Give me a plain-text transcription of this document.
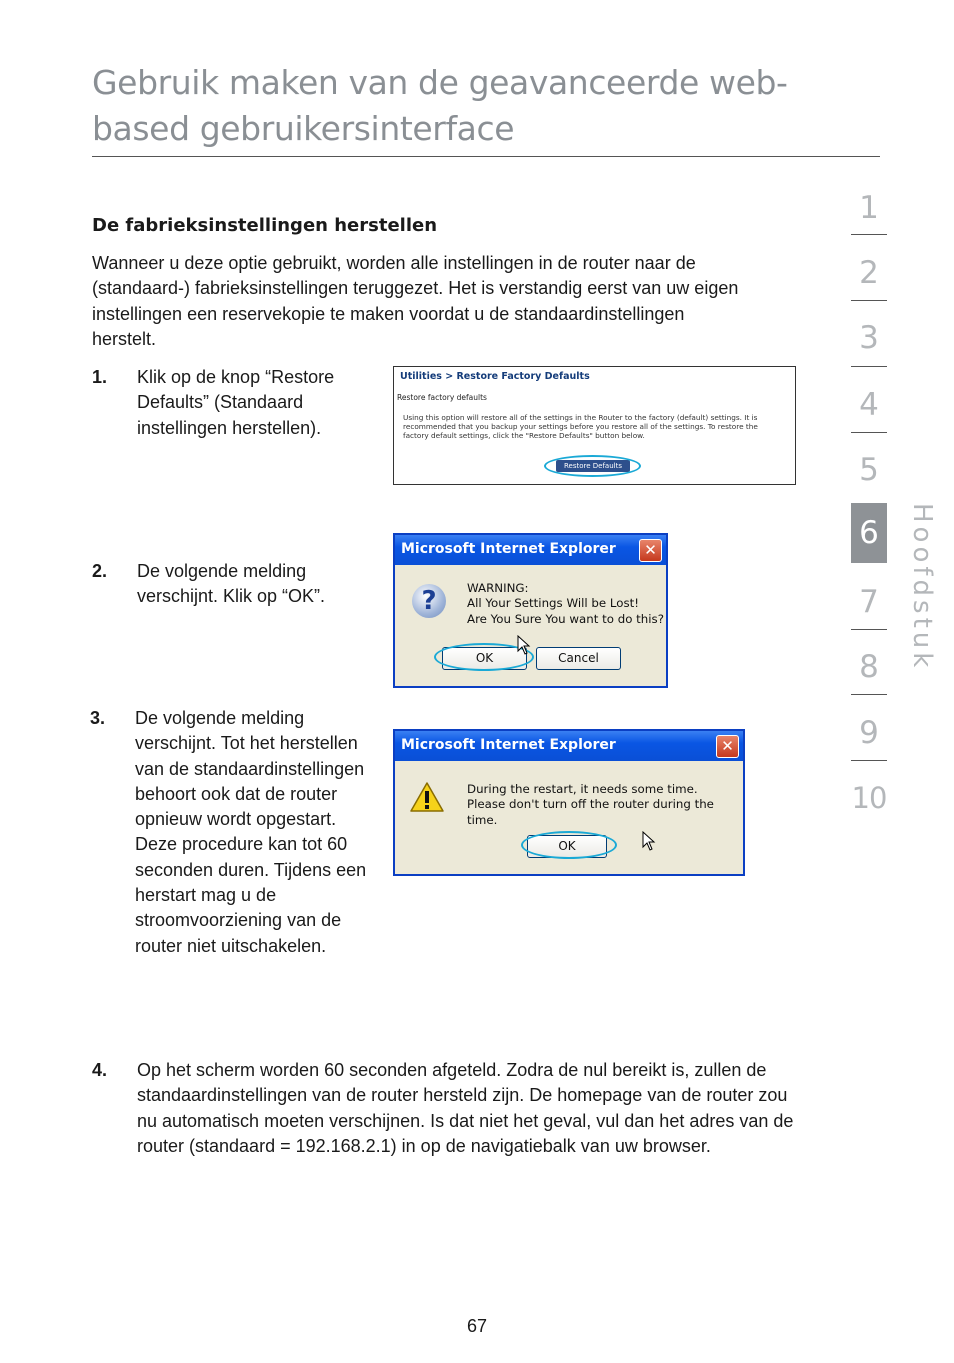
Gebruik maken van de geavanceerde web-based gebruikersinterface
De fabrieksinstellingen herstellen

Wanneer u deze optie gebruikt, worden alle instellingen in de router naar de (standaard-) fabrieksinstellingen teruggezet. Het is verstandig eerst van uw eigen instellingen een reservekopie te maken voordat u de standaardinstellingen herstelt.

1. Klik op de knop “Restore Defaults” (Standaard instellingen herstellen).

Utilities > Restore Factory Defaults
Restore factory defaults

Using this option will restore all of the settings in the Router to the factory (default) settings. It is recommended that you backup your settings before you restore all of the settings. To restore the factory default settings, click the "Restore Defaults" button below.

Restore Defaults
2. De volgende melding verschijnt. Klik op “OK”.

Microsoft Internet Explorer	✕
?	WARNING:
All Your Settings Will be Lost!
Are You Sure You want to do this?

OK	Cancel
3. De volgende melding verschijnt. Tot het herstellen van de standaardinstellingen behoort ook dat de router opnieuw wordt opgestart. Deze procedure kan tot 60 seconden duren. Tijdens een herstart mag u de stroomvoorziening van de router niet uitschakelen.

Microsoft Internet Explorer	✕

During the restart, it needs some time.
Please don't turn off the router during the time.

OK
4. Op het scherm worden 60 seconden afgeteld. Zodra de nul bereikt is, zullen de standaardinstellingen van de router hersteld zijn. De homepage van de router zou nu automatisch moeten verschijnen. Is dat niet het geval, vul dan het adres van de router (standaard = 192.168.2.1) in op de navigatiebalk van uw browser.

1
2
3
4
5
6
7
8
9
10
Hoofdstuk
67
